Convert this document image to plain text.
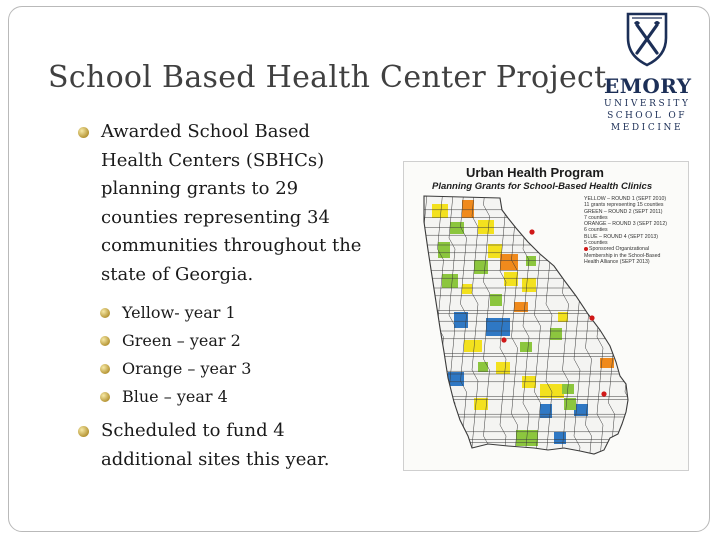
School Based Health Center Project
EMORY
UNIVERSITY
SCHOOL OF
MEDICINE
Awarded School Based Health Centers (SBHCs) planning grants to 29 counties representing 34 communities throughout the state of Georgia.
Yellow- year 1
Green – year 2
Orange – year 3
Blue – year 4
Scheduled to fund 4 additional sites this year.
Urban Health Program
Planning Grants for School-Based Health Clinics
YELLOW – ROUND 1 (SEPT 2010)
11 grants representing 15 counties
GREEN – ROUND 2 (SEPT 2011)
7 counties
ORANGE – ROUND 3 (SEPT 2012)
6 counties
BLUE – ROUND 4 (SEPT 2013)
5 counties
Sponsored Organizational
Membership in the School-Based
Health Alliance (SEPT 2013)
